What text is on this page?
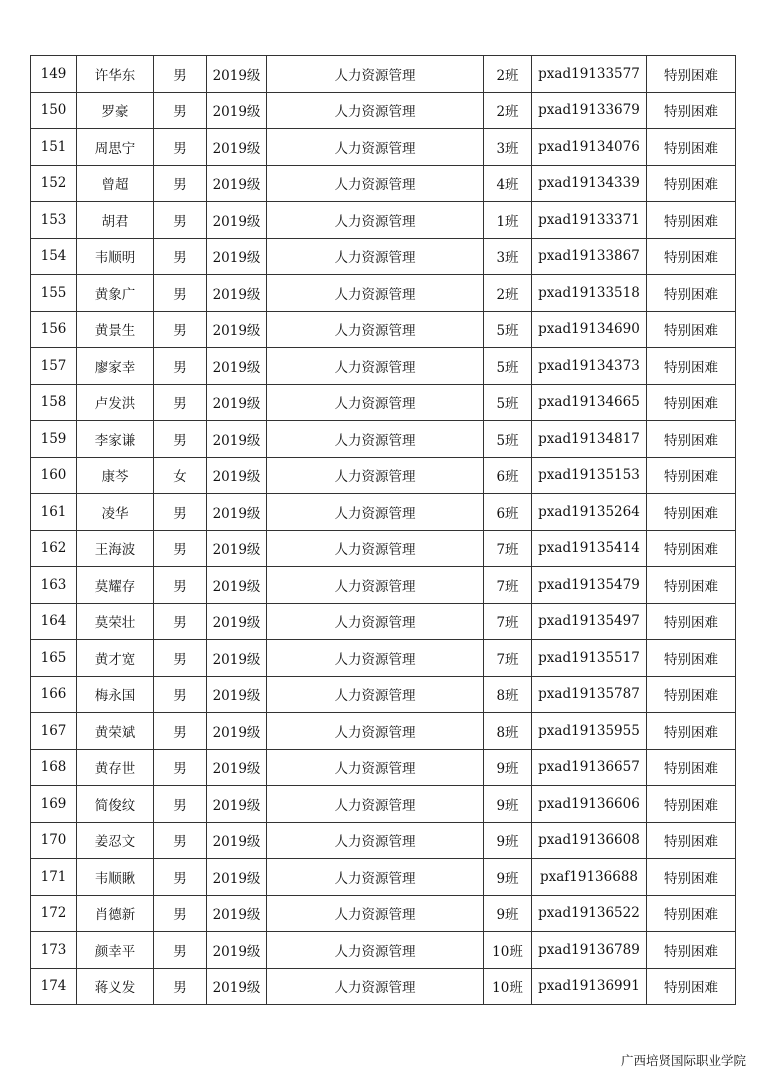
149	许华东	男	2019级	人力资源管理	2班	pxad19133577	特别困难
150	罗豪	男	2019级	人力资源管理	2班	pxad19133679	特别困难
151	周思宁	男	2019级	人力资源管理	3班	pxad19134076	特别困难
152	曾超	男	2019级	人力资源管理	4班	pxad19134339	特别困难
153	胡君	男	2019级	人力资源管理	1班	pxad19133371	特别困难
154	韦顺明	男	2019级	人力资源管理	3班	pxad19133867	特别困难
155	黄象广	男	2019级	人力资源管理	2班	pxad19133518	特别困难
156	黄景生	男	2019级	人力资源管理	5班	pxad19134690	特别困难
157	廖家幸	男	2019级	人力资源管理	5班	pxad19134373	特别困难
158	卢发洪	男	2019级	人力资源管理	5班	pxad19134665	特别困难
159	李家谦	男	2019级	人力资源管理	5班	pxad19134817	特别困难
160	康芩	女	2019级	人力资源管理	6班	pxad19135153	特别困难
161	凌华	男	2019级	人力资源管理	6班	pxad19135264	特别困难
162	王海波	男	2019级	人力资源管理	7班	pxad19135414	特别困难
163	莫耀存	男	2019级	人力资源管理	7班	pxad19135479	特别困难
164	莫荣壮	男	2019级	人力资源管理	7班	pxad19135497	特别困难
165	黄才宽	男	2019级	人力资源管理	7班	pxad19135517	特别困难
166	梅永国	男	2019级	人力资源管理	8班	pxad19135787	特别困难
167	黄荣斌	男	2019级	人力资源管理	8班	pxad19135955	特别困难
168	黄存世	男	2019级	人力资源管理	9班	pxad19136657	特别困难
169	简俊纹	男	2019级	人力资源管理	9班	pxad19136606	特别困难
170	姜忍文	男	2019级	人力资源管理	9班	pxad19136608	特别困难
171	韦顺瞅	男	2019级	人力资源管理	9班	pxaf19136688	特别困难
172	肖德新	男	2019级	人力资源管理	9班	pxad19136522	特别困难
173	颜幸平	男	2019级	人力资源管理	10班	pxad19136789	特别困难
174	蒋义发	男	2019级	人力资源管理	10班	pxad19136991	特别困难
广西培贤国际职业学院
